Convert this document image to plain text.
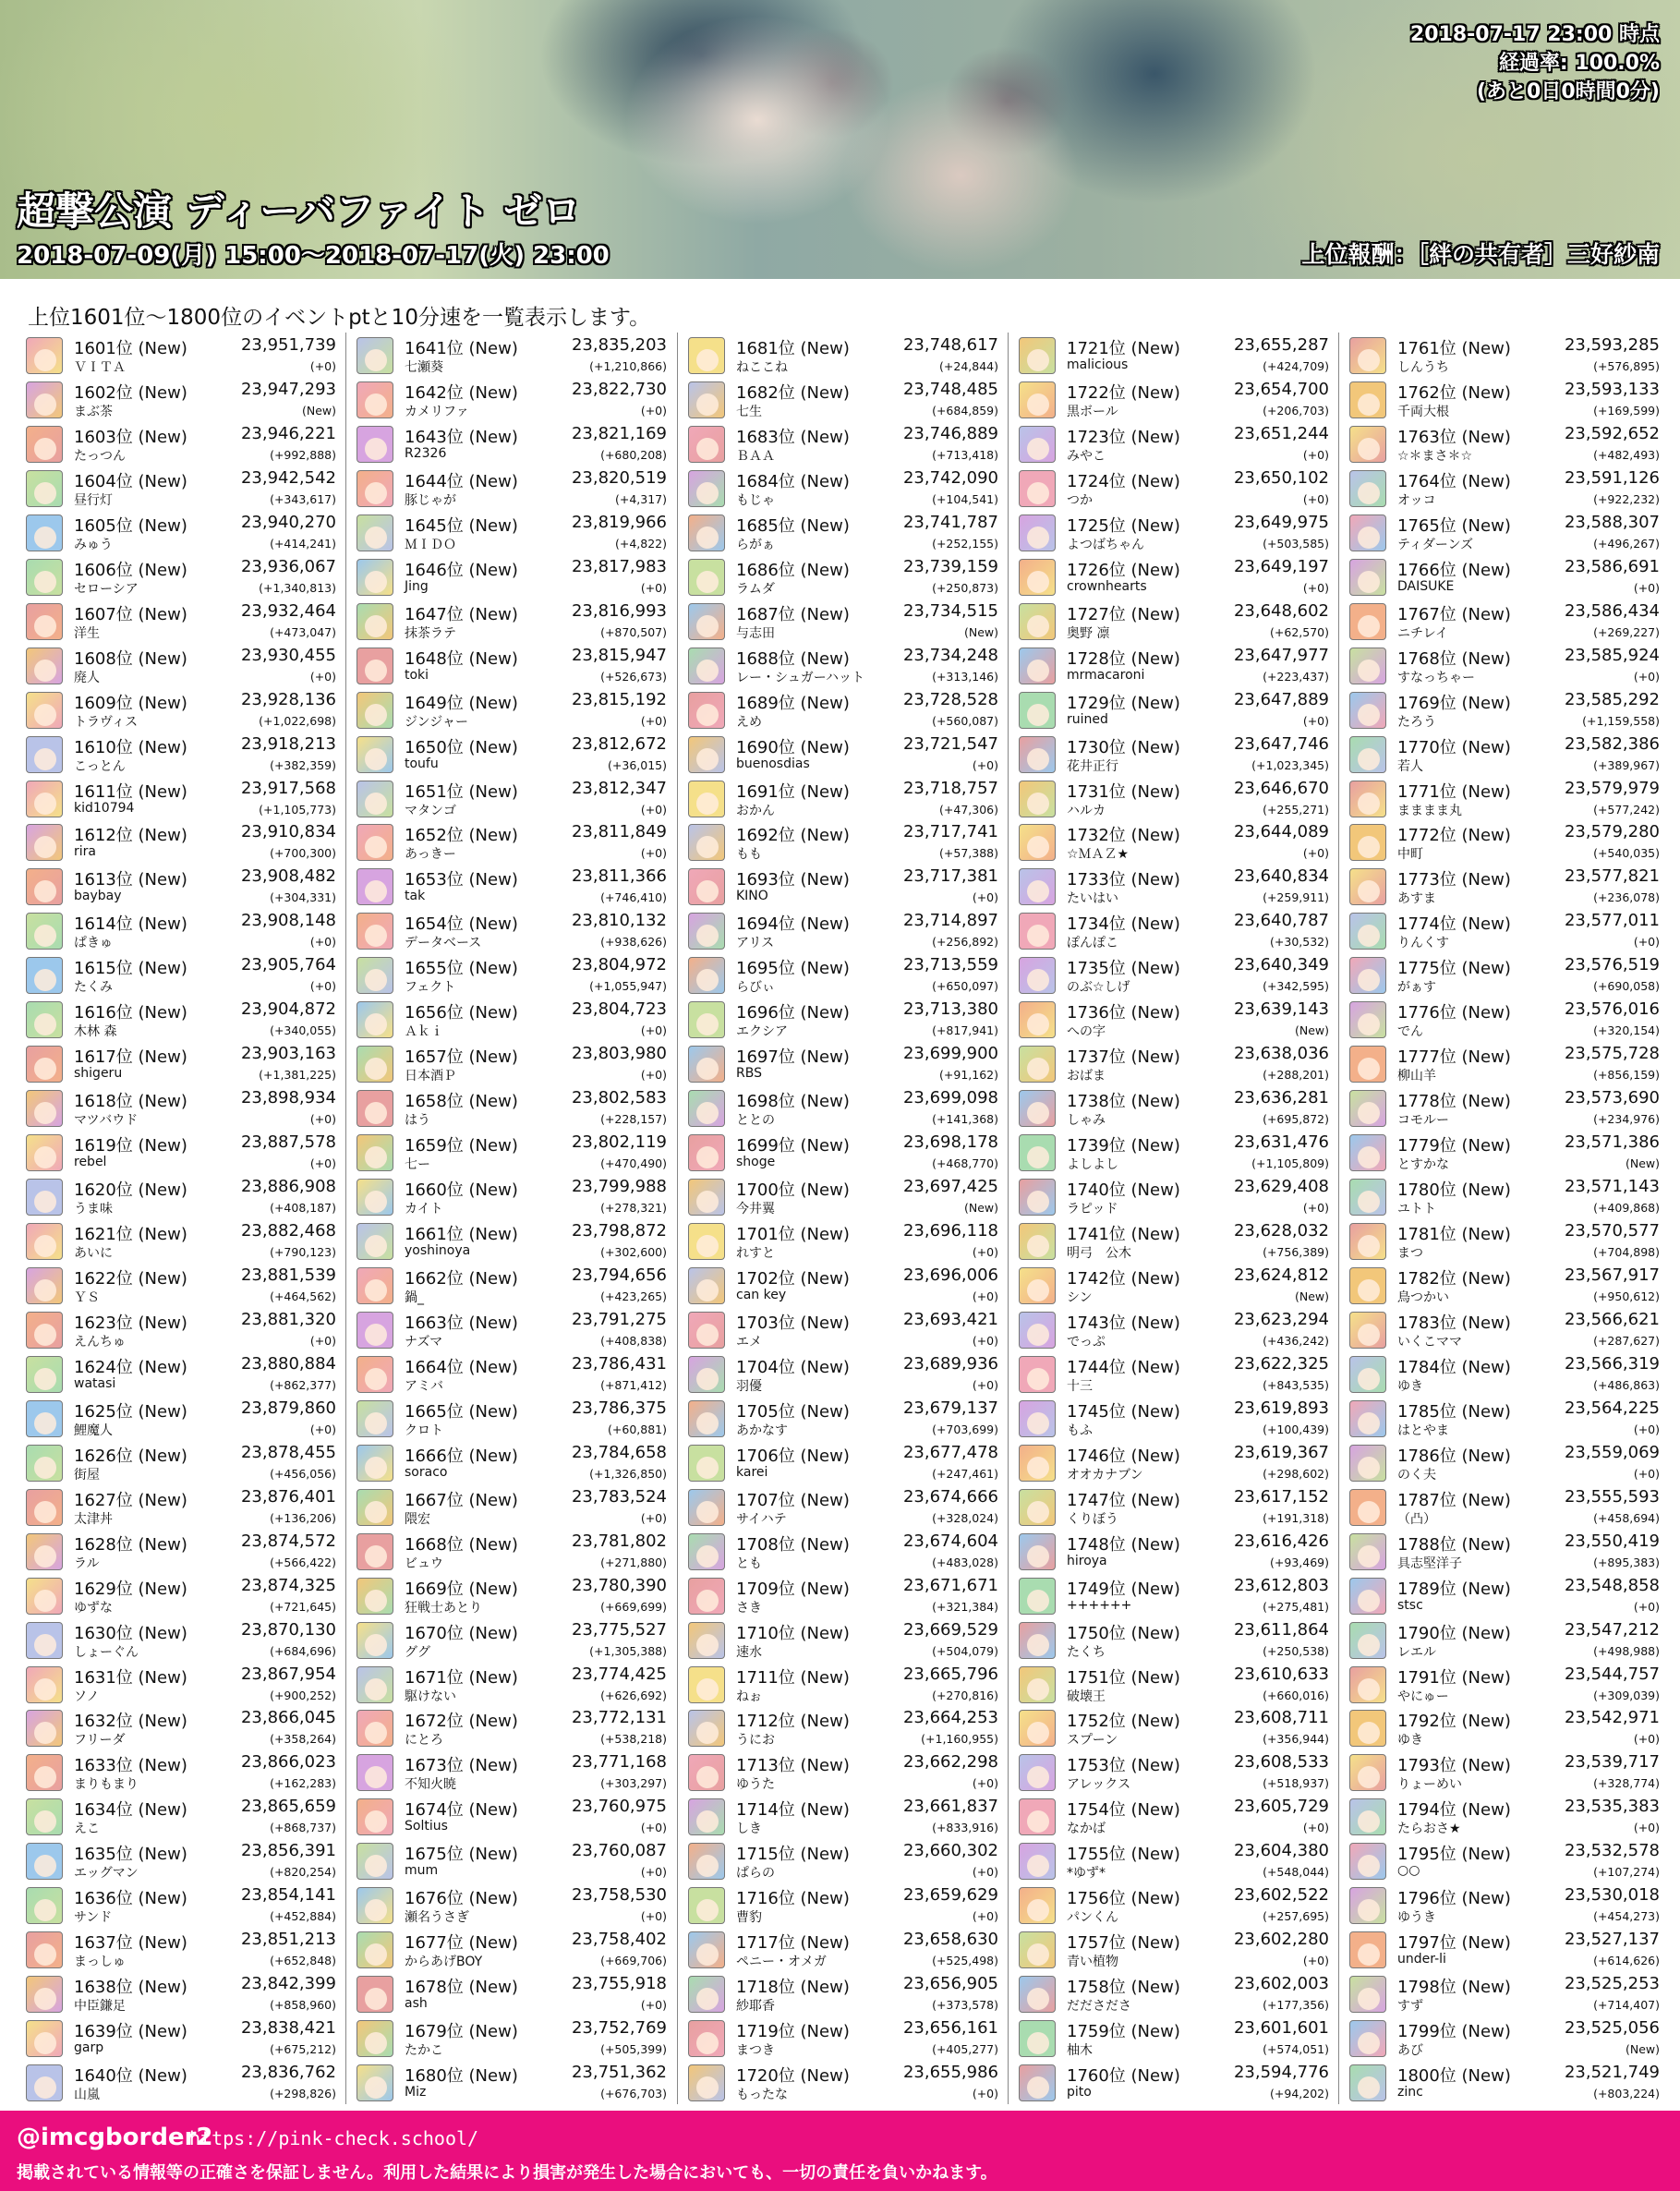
2018-07-17 23:00 時点
経過率: 100.0%
(あと0日0時間0分)
超撃公演 ディーバファイト ゼロ
2018-07-09(月) 15:00～2018-07-17(火) 23:00	上位報酬：［絆の共有者］三好紗南
上位1601位～1800位のイベントptと10分速を一覧表示します。
1601位 (New)	23,951,739
ＶＩＴＡ	(+0)
1602位 (New)	23,947,293
まぶ茶	(New)
1603位 (New)	23,946,221
たっつん	(+992,888)
1604位 (New)	23,942,542
昼行灯	(+343,617)
1605位 (New)	23,940,270
みゅう	(+414,241)
1606位 (New)	23,936,067
セローシア	(+1,340,813)
1607位 (New)	23,932,464
洋生	(+473,047)
1608位 (New)	23,930,455
廃人	(+0)
1609位 (New)	23,928,136
トラヴィス	(+1,022,698)
1610位 (New)	23,918,213
こっとん	(+382,359)
1611位 (New)	23,917,568
kid10794	(+1,105,773)
1612位 (New)	23,910,834
rira	(+700,300)
1613位 (New)	23,908,482
baybay	(+304,331)
1614位 (New)	23,908,148
ぱきゅ	(+0)
1615位 (New)	23,905,764
たくみ	(+0)
1616位 (New)	23,904,872
木林 森	(+340,055)
1617位 (New)	23,903,163
shigeru	(+1,381,225)
1618位 (New)	23,898,934
マツバウド	(+0)
1619位 (New)	23,887,578
rebel	(+0)
1620位 (New)	23,886,908
うま味	(+408,187)
1621位 (New)	23,882,468
あいに	(+790,123)
1622位 (New)	23,881,539
ＹＳ	(+464,562)
1623位 (New)	23,881,320
えんちゅ	(+0)
1624位 (New)	23,880,884
watasi	(+862,377)
1625位 (New)	23,879,860
鯉魔人	(+0)
1626位 (New)	23,878,455
街屋	(+456,056)
1627位 (New)	23,876,401
太津丼	(+136,206)
1628位 (New)	23,874,572
ラル	(+566,422)
1629位 (New)	23,874,325
ゆずな	(+721,645)
1630位 (New)	23,870,130
しょーぐん	(+684,696)
1631位 (New)	23,867,954
ソノ	(+900,252)
1632位 (New)	23,866,045
フリーダ	(+358,264)
1633位 (New)	23,866,023
まりもまり	(+162,283)
1634位 (New)	23,865,659
えこ	(+868,737)
1635位 (New)	23,856,391
エッグマン	(+820,254)
1636位 (New)	23,854,141
サンド	(+452,884)
1637位 (New)	23,851,213
まっしゅ	(+652,848)
1638位 (New)	23,842,399
中臣鎌足	(+858,960)
1639位 (New)	23,838,421
garp	(+675,212)
1640位 (New)	23,836,762
山嵐	(+298,826)
1641位 (New)	23,835,203
七瀬葵	(+1,210,866)
1642位 (New)	23,822,730
カメリファ	(+0)
1643位 (New)	23,821,169
R2326	(+680,208)
1644位 (New)	23,820,519
豚じゃが	(+4,317)
1645位 (New)	23,819,966
ＭＩＤＯ	(+4,822)
1646位 (New)	23,817,983
Jing	(+0)
1647位 (New)	23,816,993
抹茶ラテ	(+870,507)
1648位 (New)	23,815,947
toki	(+526,673)
1649位 (New)	23,815,192
ジンジャー	(+0)
1650位 (New)	23,812,672
toufu	(+36,015)
1651位 (New)	23,812,347
マタンゴ	(+0)
1652位 (New)	23,811,849
あっきー	(+0)
1653位 (New)	23,811,366
tak	(+746,410)
1654位 (New)	23,810,132
データベース	(+938,626)
1655位 (New)	23,804,972
フェクト	(+1,055,947)
1656位 (New)	23,804,723
Ａｋｉ	(+0)
1657位 (New)	23,803,980
日本酒Ｐ	(+0)
1658位 (New)	23,802,583
はう	(+228,157)
1659位 (New)	23,802,119
七ー	(+470,490)
1660位 (New)	23,799,988
カイト	(+278,321)
1661位 (New)	23,798,872
yoshinoya	(+302,600)
1662位 (New)	23,794,656
鍋_	(+423,265)
1663位 (New)	23,791,275
ナズマ	(+408,838)
1664位 (New)	23,786,431
アミバ	(+871,412)
1665位 (New)	23,786,375
クロト	(+60,881)
1666位 (New)	23,784,658
soraco	(+1,326,850)
1667位 (New)	23,783,524
隈宏	(+0)
1668位 (New)	23,781,802
ビュウ	(+271,880)
1669位 (New)	23,780,390
狂戦士あとり	(+669,699)
1670位 (New)	23,775,527
ググ	(+1,305,388)
1671位 (New)	23,774,425
駆けない	(+626,692)
1672位 (New)	23,772,131
にとろ	(+538,218)
1673位 (New)	23,771,168
不知火暁	(+303,297)
1674位 (New)	23,760,975
Soltius	(+0)
1675位 (New)	23,760,087
mum	(+0)
1676位 (New)	23,758,530
瀬名うさぎ	(+0)
1677位 (New)	23,758,402
からあげBOY	(+669,706)
1678位 (New)	23,755,918
ash	(+0)
1679位 (New)	23,752,769
たかこ	(+505,399)
1680位 (New)	23,751,362
Miz	(+676,703)
1681位 (New)	23,748,617
ねここね	(+24,844)
1682位 (New)	23,748,485
七生	(+684,859)
1683位 (New)	23,746,889
ＢＡＡ	(+713,418)
1684位 (New)	23,742,090
もじゃ	(+104,541)
1685位 (New)	23,741,787
らがぁ	(+252,155)
1686位 (New)	23,739,159
ラムダ	(+250,873)
1687位 (New)	23,734,515
与志田	(New)
1688位 (New)	23,734,248
レー・シュガーハット	(+313,146)
1689位 (New)	23,728,528
えめ	(+560,087)
1690位 (New)	23,721,547
buenosdias	(+0)
1691位 (New)	23,718,757
おかん	(+47,306)
1692位 (New)	23,717,741
もも	(+57,388)
1693位 (New)	23,717,381
KINO	(+0)
1694位 (New)	23,714,897
アリス	(+256,892)
1695位 (New)	23,713,559
らびぃ	(+650,097)
1696位 (New)	23,713,380
エクシア	(+817,941)
1697位 (New)	23,699,900
RBS	(+91,162)
1698位 (New)	23,699,098
ととの	(+141,368)
1699位 (New)	23,698,178
shoge	(+468,770)
1700位 (New)	23,697,425
今井翼	(New)
1701位 (New)	23,696,118
れすと	(+0)
1702位 (New)	23,696,006
can key	(+0)
1703位 (New)	23,693,421
エメ	(+0)
1704位 (New)	23,689,936
羽優	(+0)
1705位 (New)	23,679,137
あかなす	(+703,699)
1706位 (New)	23,677,478
karei	(+247,461)
1707位 (New)	23,674,666
サイハテ	(+328,024)
1708位 (New)	23,674,604
とも	(+483,028)
1709位 (New)	23,671,671
さき	(+321,384)
1710位 (New)	23,669,529
速水	(+504,079)
1711位 (New)	23,665,796
ねぉ	(+270,816)
1712位 (New)	23,664,253
うにお	(+1,160,955)
1713位 (New)	23,662,298
ゆうた	(+0)
1714位 (New)	23,661,837
しき	(+833,916)
1715位 (New)	23,660,302
ぱらの	(+0)
1716位 (New)	23,659,629
曹豹	(+0)
1717位 (New)	23,658,630
ペニー・オメガ	(+525,498)
1718位 (New)	23,656,905
紗耶香	(+373,578)
1719位 (New)	23,656,161
まつき	(+405,277)
1720位 (New)	23,655,986
もったな	(+0)
1721位 (New)	23,655,287
malicious	(+424,709)
1722位 (New)	23,654,700
黒ボール	(+206,703)
1723位 (New)	23,651,244
みやこ	(+0)
1724位 (New)	23,650,102
つか	(+0)
1725位 (New)	23,649,975
よつばちゃん	(+503,585)
1726位 (New)	23,649,197
crownhearts	(+0)
1727位 (New)	23,648,602
奥野 凛	(+62,570)
1728位 (New)	23,647,977
mrmacaroni	(+223,437)
1729位 (New)	23,647,889
ruined	(+0)
1730位 (New)	23,647,746
花井正行	(+1,023,345)
1731位 (New)	23,646,670
ハルカ	(+255,271)
1732位 (New)	23,644,089
☆ＭＡＺ★	(+0)
1733位 (New)	23,640,834
たいはい	(+259,911)
1734位 (New)	23,640,787
ぽんぽこ	(+30,532)
1735位 (New)	23,640,349
のぶ☆しげ	(+342,595)
1736位 (New)	23,639,143
への字	(New)
1737位 (New)	23,638,036
おばま	(+288,201)
1738位 (New)	23,636,281
しゃみ	(+695,872)
1739位 (New)	23,631,476
よしよし	(+1,105,809)
1740位 (New)	23,629,408
ラピッド	(+0)
1741位 (New)	23,628,032
明弓　公木	(+756,389)
1742位 (New)	23,624,812
シン	(New)
1743位 (New)	23,623,294
でっぷ	(+436,242)
1744位 (New)	23,622,325
十三	(+843,535)
1745位 (New)	23,619,893
もふ	(+100,439)
1746位 (New)	23,619,367
オオカナブン	(+298,602)
1747位 (New)	23,617,152
くりぼう	(+191,318)
1748位 (New)	23,616,426
hiroya	(+93,469)
1749位 (New)	23,612,803
++++++	(+275,481)
1750位 (New)	23,611,864
たくち	(+250,538)
1751位 (New)	23,610,633
破壊王	(+660,016)
1752位 (New)	23,608,711
スプーン	(+356,944)
1753位 (New)	23,608,533
アレックス	(+518,937)
1754位 (New)	23,605,729
なかば	(+0)
1755位 (New)	23,604,380
*ゆず*	(+548,044)
1756位 (New)	23,602,522
パンくん	(+257,695)
1757位 (New)	23,602,280
青い植物	(+0)
1758位 (New)	23,602,003
だださださ	(+177,356)
1759位 (New)	23,601,601
柚木	(+574,051)
1760位 (New)	23,594,776
pito	(+94,202)
1761位 (New)	23,593,285
しんうち	(+576,895)
1762位 (New)	23,593,133
千両大根	(+169,599)
1763位 (New)	23,592,652
☆＊まさ＊☆	(+482,493)
1764位 (New)	23,591,126
オッコ	(+922,232)
1765位 (New)	23,588,307
ティダーンズ	(+496,267)
1766位 (New)	23,586,691
DAISUKE	(+0)
1767位 (New)	23,586,434
ニチレイ	(+269,227)
1768位 (New)	23,585,924
すなっちゃー	(+0)
1769位 (New)	23,585,292
たろう	(+1,159,558)
1770位 (New)	23,582,386
若人	(+389,967)
1771位 (New)	23,579,979
まままま丸	(+577,242)
1772位 (New)	23,579,280
中町	(+540,035)
1773位 (New)	23,577,821
あすま	(+236,078)
1774位 (New)	23,577,011
りんくす	(+0)
1775位 (New)	23,576,519
がぁす	(+690,058)
1776位 (New)	23,576,016
でん	(+320,154)
1777位 (New)	23,575,728
柳山羊	(+856,159)
1778位 (New)	23,573,690
コモルー	(+234,976)
1779位 (New)	23,571,386
とすかな	(New)
1780位 (New)	23,571,143
ユトト	(+409,868)
1781位 (New)	23,570,577
まつ	(+704,898)
1782位 (New)	23,567,917
鳥つかい	(+950,612)
1783位 (New)	23,566,621
いくこママ	(+287,627)
1784位 (New)	23,566,319
ゆき	(+486,863)
1785位 (New)	23,564,225
はとやま	(+0)
1786位 (New)	23,559,069
のく夫	(+0)
1787位 (New)	23,555,593
（凸）	(+458,694)
1788位 (New)	23,550,419
具志堅洋子	(+895,383)
1789位 (New)	23,548,858
stsc	(+0)
1790位 (New)	23,547,212
レエル	(+498,988)
1791位 (New)	23,544,757
やにゅー	(+309,039)
1792位 (New)	23,542,971
ゆき	(+0)
1793位 (New)	23,539,717
りょーめい	(+328,774)
1794位 (New)	23,535,383
たらおさ★	(+0)
1795位 (New)	23,532,578
○○	(+107,274)
1796位 (New)	23,530,018
ゆうき	(+454,273)
1797位 (New)	23,527,137
under-li	(+614,626)
1798位 (New)	23,525,253
すず	(+714,407)
1799位 (New)	23,525,056
あび	(New)
1800位 (New)	23,521,749
zinc	(+803,224)
@imcgborder2
https://pink-check.school/
掲載されている情報等の正確さを保証しません。利用した結果により損害が発生した場合においても、一切の責任を負いかねます。
